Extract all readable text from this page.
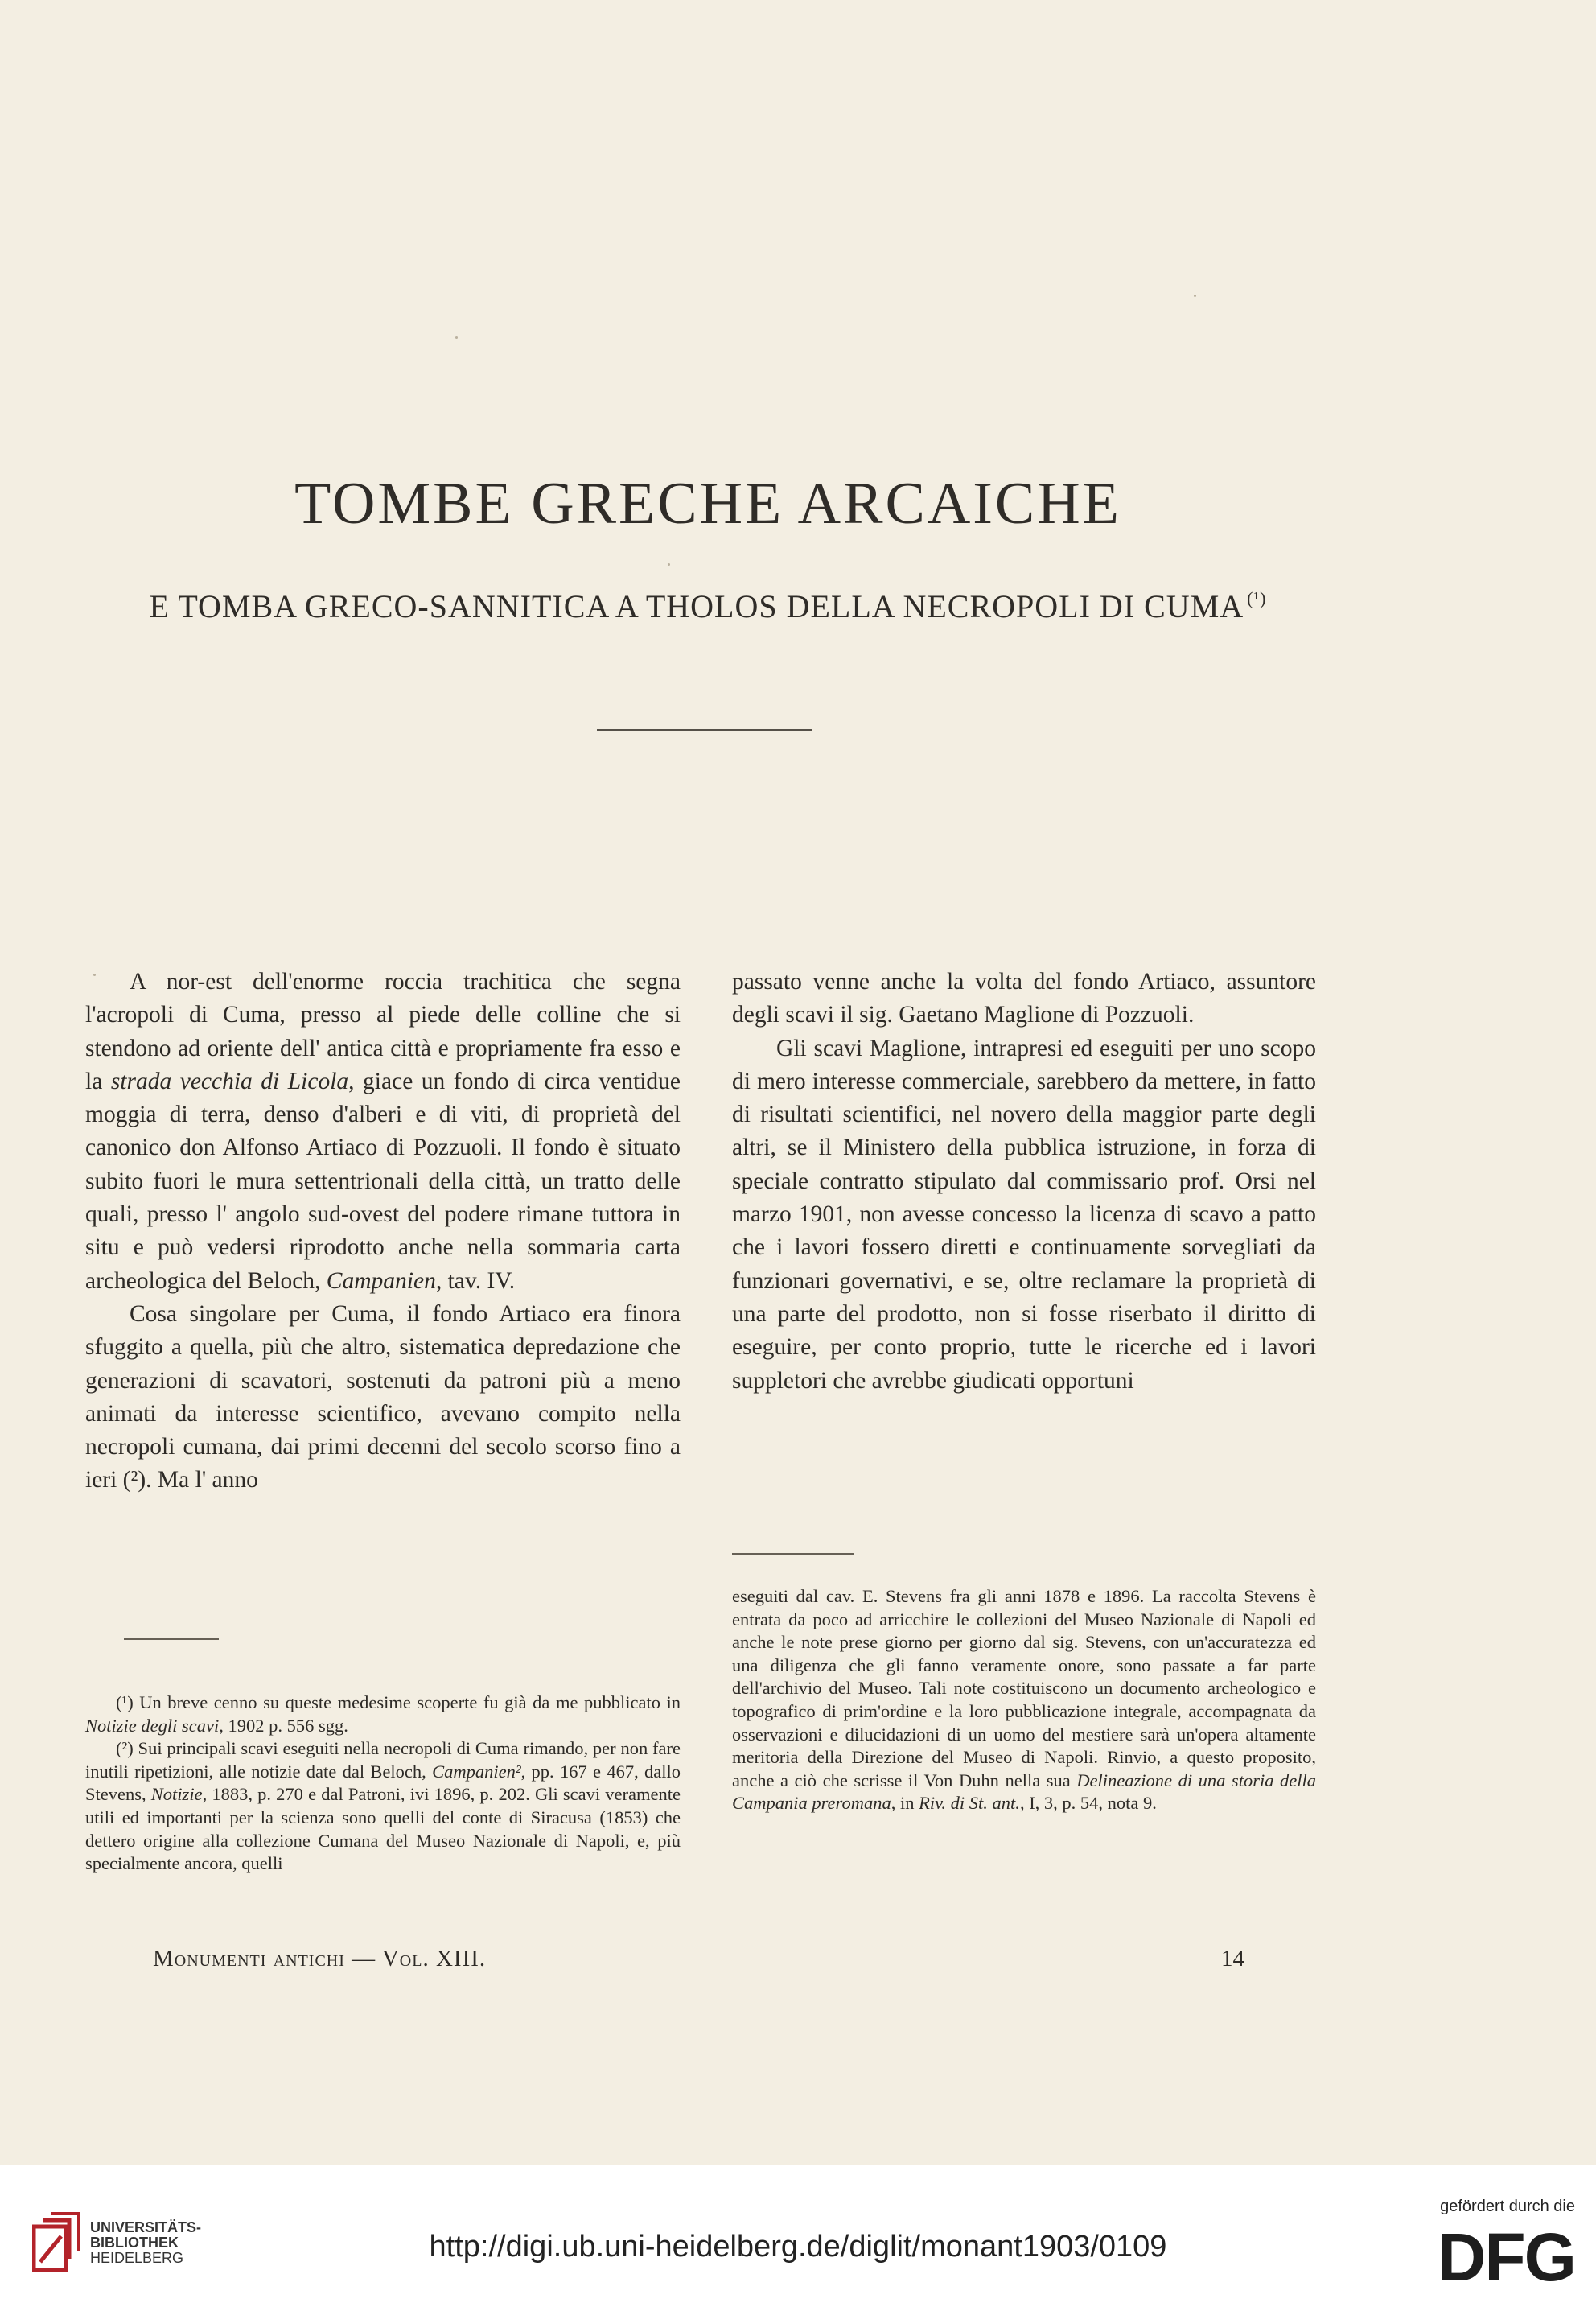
TOMBE GRECHE ARCAICHE
E TOMBA GRECO-SANNITICA A THOLOS DELLA NECROPOLI DI CUMA $^{(^1)}$

A nor-est dell'enorme roccia trachitica che segna l'acropoli di Cuma, presso al piede delle colline che si stendono ad oriente dell' antica città e propriamente fra esso e la strada vecchia di Licola, giace un fondo di circa ventidue moggia di terra, denso d'alberi e di viti, di proprietà del canonico don Alfonso Artiaco di Pozzuoli. Il fondo è situato subito fuori le mura settentrionali della città, un tratto delle quali, presso l' angolo sud-ovest del podere rimane tuttora in situ e può vedersi riprodotto anche nella sommaria carta archeologica del Beloch, Campanien, tav. IV.

Cosa singolare per Cuma, il fondo Artiaco era finora sfuggito a quella, più che altro, sistematica depredazione che generazioni di scavatori, sostenuti da patroni più a meno animati da interesse scientifico, avevano compito nella necropoli cumana, dai primi decenni del secolo scorso fino a ieri (²). Ma l' anno

passato venne anche la volta del fondo Artiaco, assuntore degli scavi il sig. Gaetano Maglione di Pozzuoli.

Gli scavi Maglione, intrapresi ed eseguiti per uno scopo di mero interesse commerciale, sarebbero da mettere, in fatto di risultati scientifici, nel novero della maggior parte degli altri, se il Ministero della pubblica istruzione, in forza di speciale contratto stipulato dal commissario prof. Orsi nel marzo 1901, non avesse concesso la licenza di scavo a patto che i lavori fossero diretti e continuamente sorvegliati da funzionari governativi, e se, oltre reclamare la proprietà di una parte del prodotto, non si fosse riserbato il diritto di eseguire, per conto proprio, tutte le ricerche ed i lavori suppletori che avrebbe giudicati opportuni

(¹) Un breve cenno su queste medesime scoperte fu già da me pubblicato in Notizie degli scavi, 1902 p. 556 sgg.

(²) Sui principali scavi eseguiti nella necropoli di Cuma rimando, per non fare inutili ripetizioni, alle notizie date dal Beloch, Campanien², pp. 167 e 467, dallo Stevens, Notizie, 1883, p. 270 e dal Patroni, ivi 1896, p. 202. Gli scavi veramente utili ed importanti per la scienza sono quelli del conte di Siracusa (1853) che dettero origine alla collezione Cumana del Museo Nazionale di Napoli, e, più specialmente ancora, quelli

eseguiti dal cav. E. Stevens fra gli anni 1878 e 1896. La raccolta Stevens è entrata da poco ad arricchire le collezioni del Museo Nazionale di Napoli ed anche le note prese giorno per giorno dal sig. Stevens, con un'accuratezza ed una diligenza che gli fanno veramente onore, sono passate a far parte dell'archivio del Museo. Tali note costituiscono un documento archeologico e topografico di prim'ordine e la loro pubblicazione integrale, accompagnata da osservazioni e dilucidazioni di un uomo del mestiere sarà un'opera altamente meritoria della Direzione del Museo di Napoli. Rinvio, a questo proposito, anche a ciò che scrisse il Von Duhn nella sua Delineazione di una storia della Campania preromana, in Riv. di St. ant., I, 3, p. 54, nota 9.

Monumenti antichi — Vol. XIII.	14
UNIVERSITÄTS-
BIBLIOTHEK
HEIDELBERG	http://digi.ub.uni-heidelberg.de/diglit/monant1903/0109
gefördert durch die
DFG
